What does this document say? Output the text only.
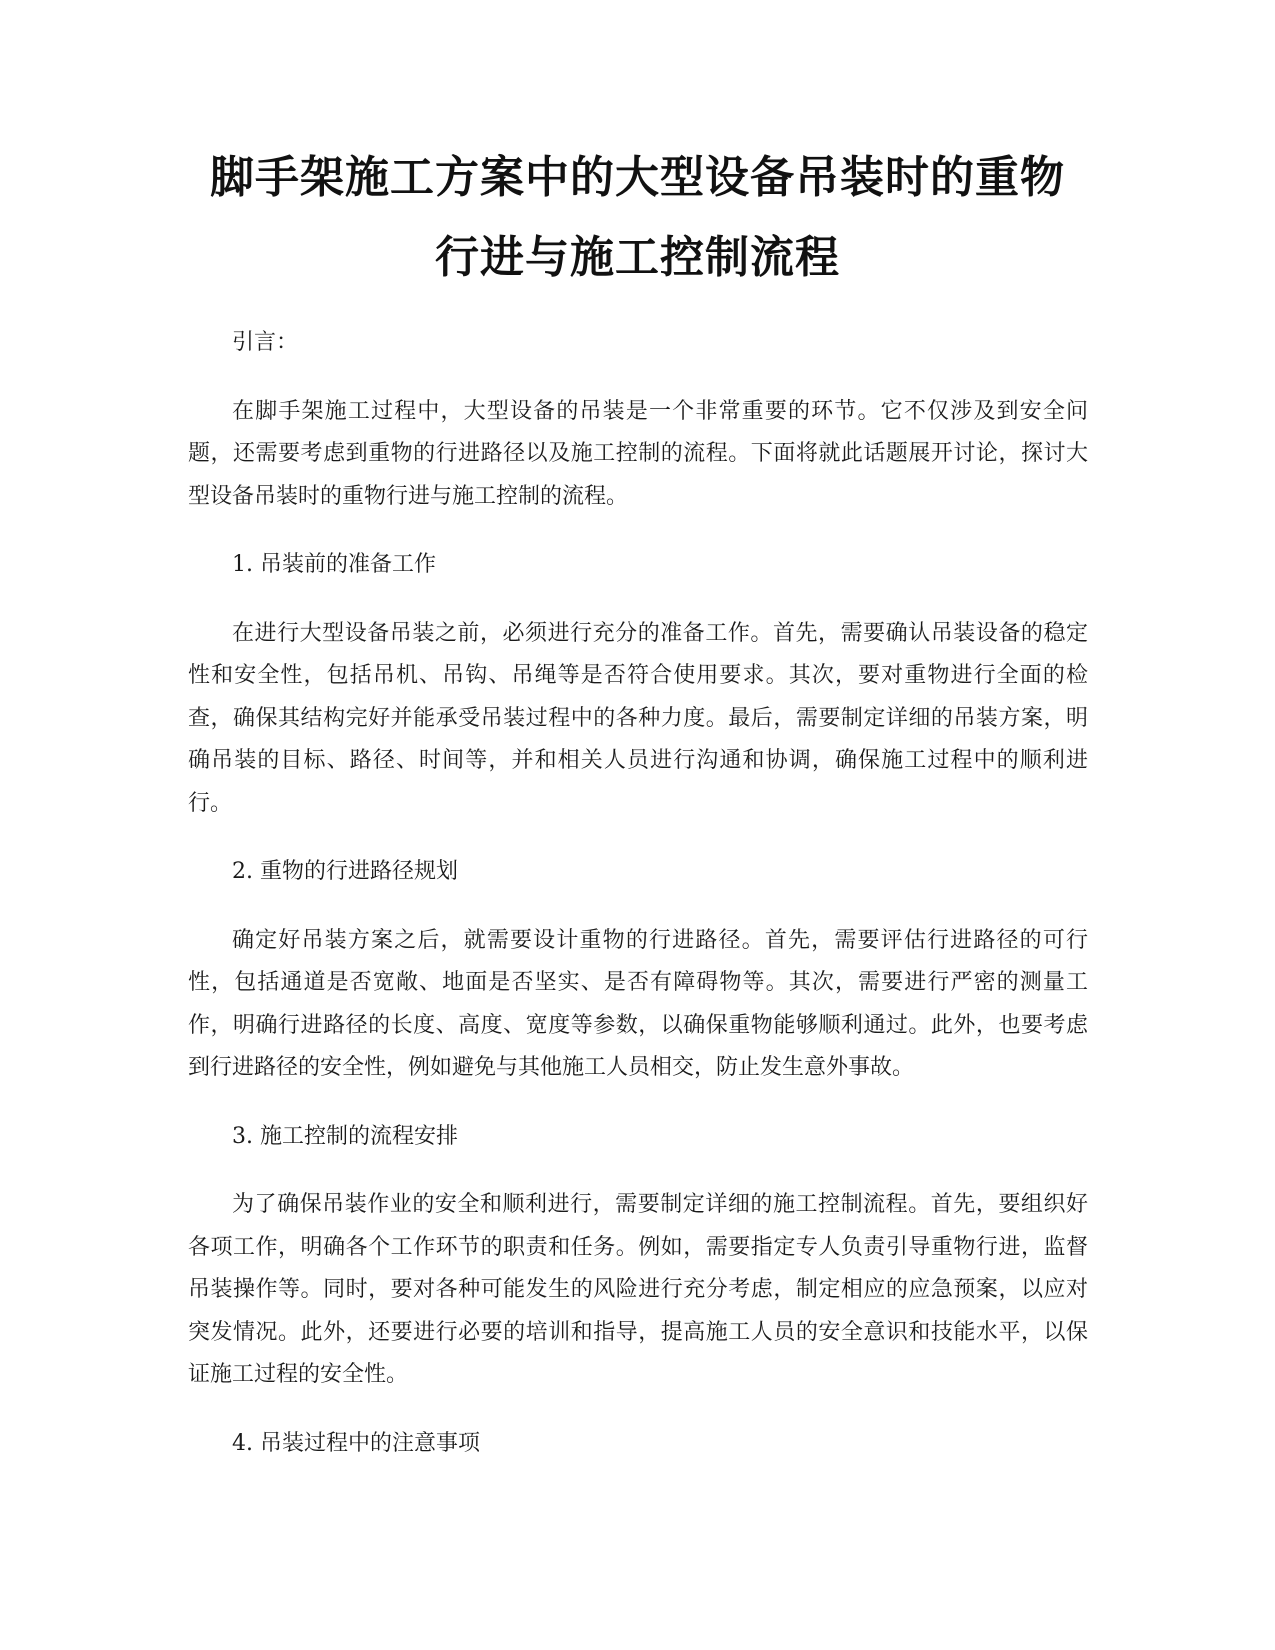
脚手架施工方案中的大型设备吊装时的重物
行进与施工控制流程

引言：

在脚手架施工过程中，大型设备的吊装是一个非常重要的环节。它不仅涉及到安全问题，还需要考虑到重物的行进路径以及施工控制的流程。下面将就此话题展开讨论，探讨大型设备吊装时的重物行进与施工控制的流程。

1. 吊装前的准备工作

在进行大型设备吊装之前，必须进行充分的准备工作。首先，需要确认吊装设备的稳定性和安全性，包括吊机、吊钩、吊绳等是否符合使用要求。其次，要对重物进行全面的检查，确保其结构完好并能承受吊装过程中的各种力度。最后，需要制定详细的吊装方案，明确吊装的目标、路径、时间等，并和相关人员进行沟通和协调，确保施工过程中的顺利进行。

2. 重物的行进路径规划

确定好吊装方案之后，就需要设计重物的行进路径。首先，需要评估行进路径的可行性，包括通道是否宽敞、地面是否坚实、是否有障碍物等。其次，需要进行严密的测量工作，明确行进路径的长度、高度、宽度等参数，以确保重物能够顺利通过。此外，也要考虑到行进路径的安全性，例如避免与其他施工人员相交，防止发生意外事故。

3. 施工控制的流程安排

为了确保吊装作业的安全和顺利进行，需要制定详细的施工控制流程。首先，要组织好各项工作，明确各个工作环节的职责和任务。例如，需要指定专人负责引导重物行进，监督吊装操作等。同时，要对各种可能发生的风险进行充分考虑，制定相应的应急预案，以应对突发情况。此外，还要进行必要的培训和指导，提高施工人员的安全意识和技能水平，以保证施工过程的安全性。

4. 吊装过程中的注意事项
